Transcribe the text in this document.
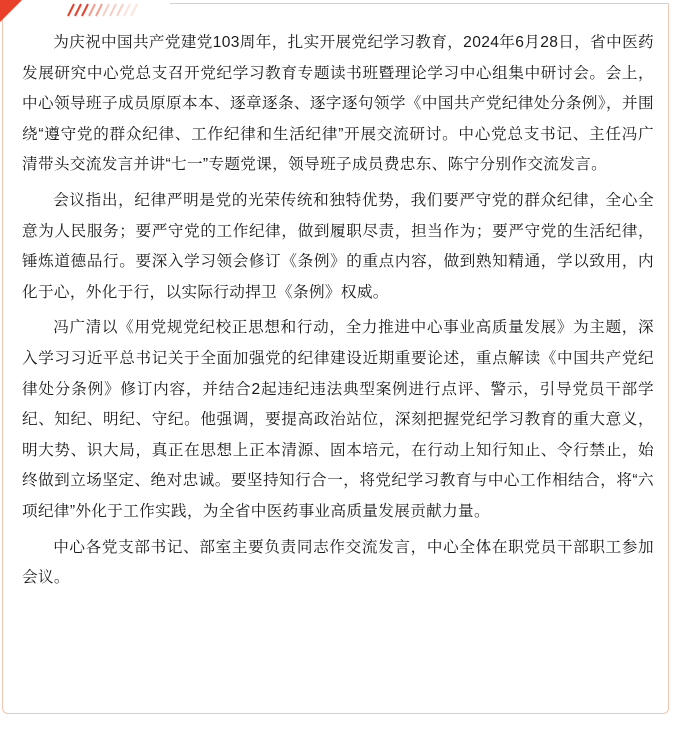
为庆祝中国共产党建党103周年，扎实开展党纪学习教育，2024年6月28日，省中医药发展研究中心党总支召开党纪学习教育专题读书班暨理论学习中心组集中研讨会。会上，中心领导班子成员原原本本、逐章逐条、逐字逐句领学《中国共产党纪律处分条例》，并围绕“遵守党的群众纪律、工作纪律和生活纪律”开展交流研讨。中心党总支书记、主任冯广清带头交流发言并讲“七一”专题党课，领导班子成员费忠东、陈宁分别作交流发言。

会议指出，纪律严明是党的光荣传统和独特优势，我们要严守党的群众纪律，全心全意为人民服务；要严守党的工作纪律，做到履职尽责，担当作为；要严守党的生活纪律，锤炼道德品行。要深入学习领会修订《条例》的重点内容，做到熟知精通，学以致用，内化于心，外化于行，以实际行动捍卫《条例》权威。

冯广清以《用党规党纪校正思想和行动，全力推进中心事业高质量发展》为主题，深入学习习近平总书记关于全面加强党的纪律建设近期重要论述，重点解读《中国共产党纪律处分条例》修订内容，并结合2起违纪违法典型案例进行点评、警示，引导党员干部学纪、知纪、明纪、守纪。他强调，要提高政治站位，深刻把握党纪学习教育的重大意义，明大势、识大局，真正在思想上正本清源、固本培元，在行动上知行知止、令行禁止，始终做到立场坚定、绝对忠诚。要坚持知行合一，将党纪学习教育与中心工作相结合，将“六项纪律”外化于工作实践，为全省中医药事业高质量发展贡献力量。

中心各党支部书记、部室主要负责同志作交流发言，中心全体在职党员干部职工参加会议。
